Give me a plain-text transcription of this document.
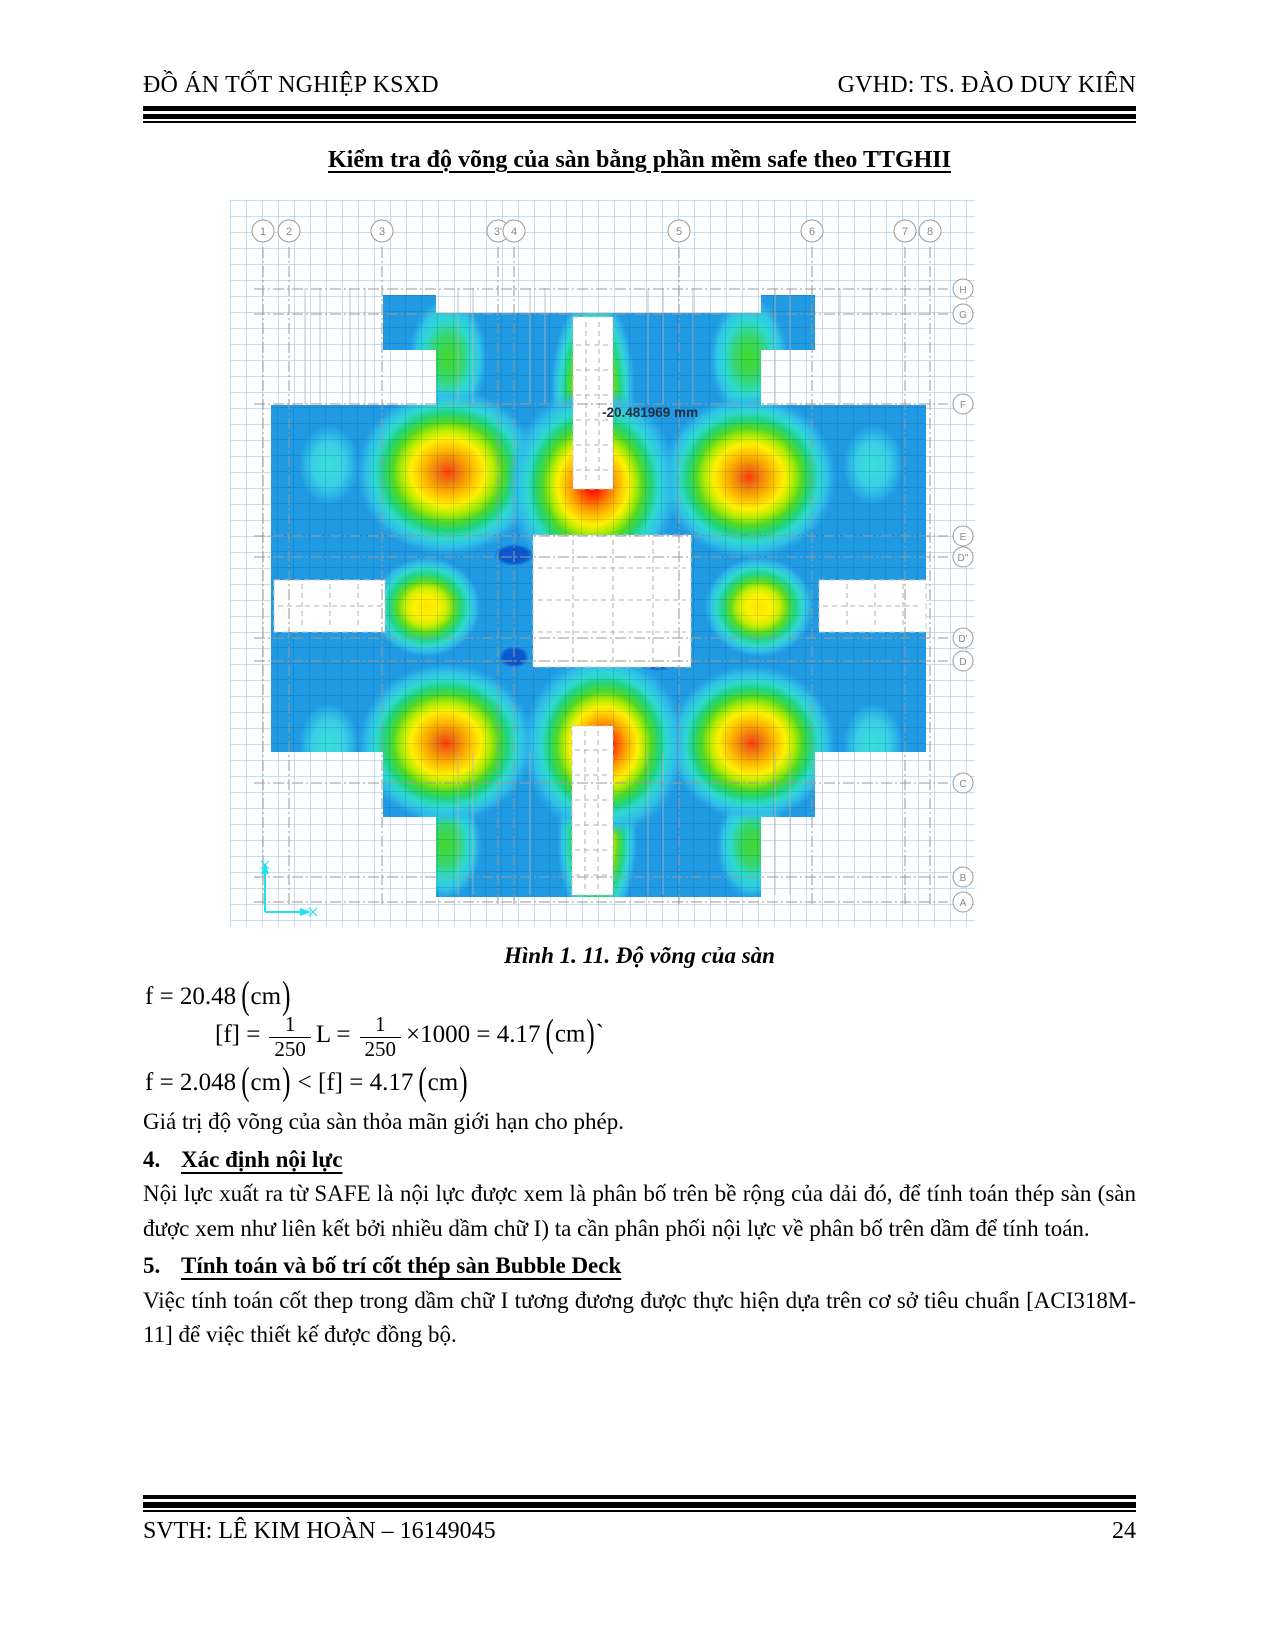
ĐỒ ÁN TỐT NGHIỆP KSXD	GVHD: TS. ĐÀO DUY KIÊN
Kiểm tra độ võng của sàn bằng phần mềm safe theo TTGHII
1 2	3	3' 4	5	6	7 8
H
G
F
E
D''
D'
D
C
B
A
-20.481969 mm
Hình 1. 11. Độ võng của sàn
f = 20.48 (cm)
$[f] = \frac{1}{250}$ $L = \frac{1}{250} \times 1000 = 4.17$ (cm)`
f = 2.048 (cm) < [f] = 4.17 (cm)
Giá trị độ võng của sàn thỏa mãn giới hạn cho phép.
4. Xác định nội lực
Nội lực xuất ra từ SAFE là nội lực được xem là phân bố trên bề rộng của dải đó, để tính toán thép sàn (sàn được xem như liên kết bởi nhiều dầm chữ I) ta cần phân phối nội lực về phân bố trên dầm để tính toán.
5. Tính toán và bố trí cốt thép sàn Bubble Deck
Việc tính toán cốt thep trong dầm chữ I tương đương được thực hiện dựa trên cơ sở tiêu chuẩn [ACI318M-11] để việc thiết kế được đồng bộ.
SVTH: LÊ KIM HOÀN – 16149045	24
